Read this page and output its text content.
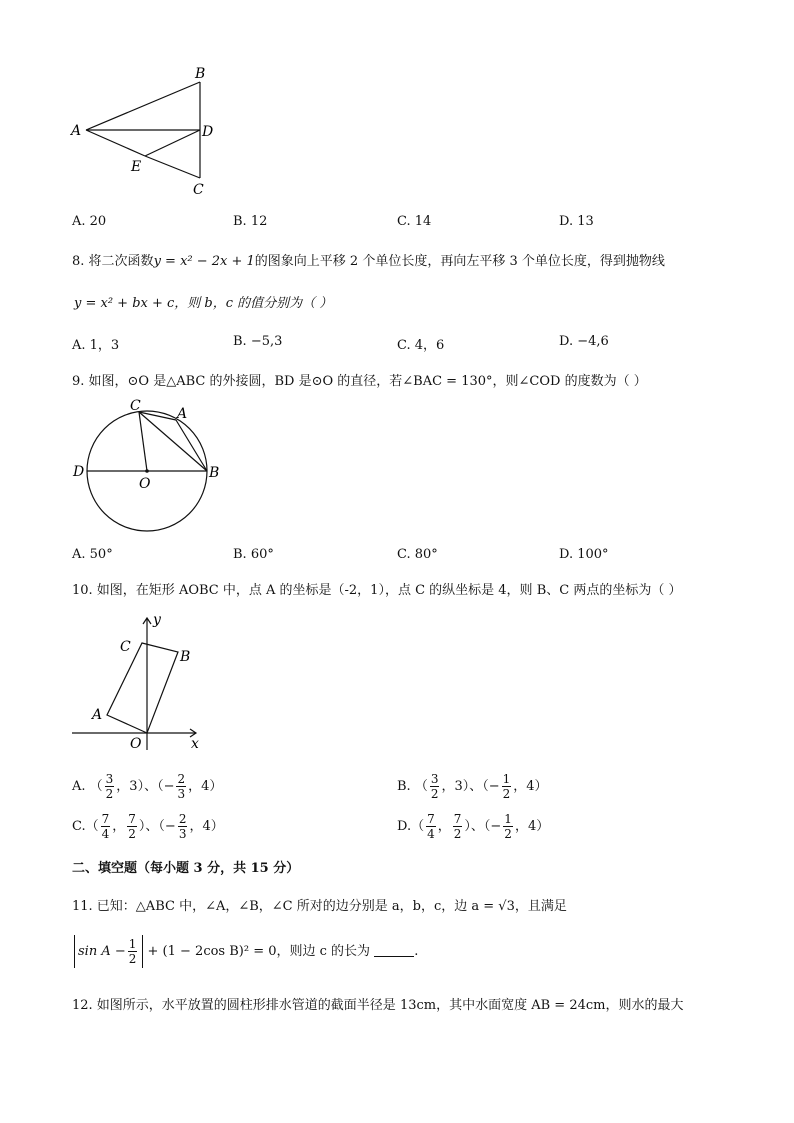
B
A	D
E
C
A. 20	B. 12	C. 14	D. 13
8. 将二次函数y = x² − 2x + 1的图象向上平移 2 个单位长度，再向左平移 3 个单位长度，得到抛物线
y = x² + bx + c，则 b，c 的值分别为（ ）
A. 1，3	B. −5,3	C. 4，6	D. −4,6
9. 如图，⊙O 是△ABC 的外接圆，BD 是⊙O 的直径，若∠BAC = 130°，则∠COD 的度数为（ ）
C	A
D
O
B
A. 50°	B. 60°	C. 80°	D. 100°
10. 如图，在矩形 AOBC 中，点 A 的坐标是（-2，1），点 C 的纵坐标是 4，则 B、C 两点的坐标为（ ）
y
C
B
A
O	x
A. （ $\frac{3}{2}$ ，3）、（− $\frac{2}{3}$ ，4）	B. （ $\frac{3}{2}$ ，3）、（− $\frac{1}{2}$ ，4）
$C.( \frac{7}{4}$ ， $\frac{7}{2}$ ）、（− $\frac{2}{3}$ ，4）	$D.( \frac{7}{4}$ ， $\frac{7}{2}$ ）、（− $\frac{1}{2}$ ，4）
二、填空题（每小题 3 分，共 15 分）
11. 已知：△ABC 中，∠A，∠B，∠C 所对的边分别是 a，b，c，边 a = √3，且满足
$\sin A - \frac{1}{2} + (1 - 2\cos$ B)² = 0，则边 c 的长为	.
12. 如图所示，水平放置的圆柱形排水管道的截面半径是 13cm，其中水面宽度 AB = 24cm，则水的最大
